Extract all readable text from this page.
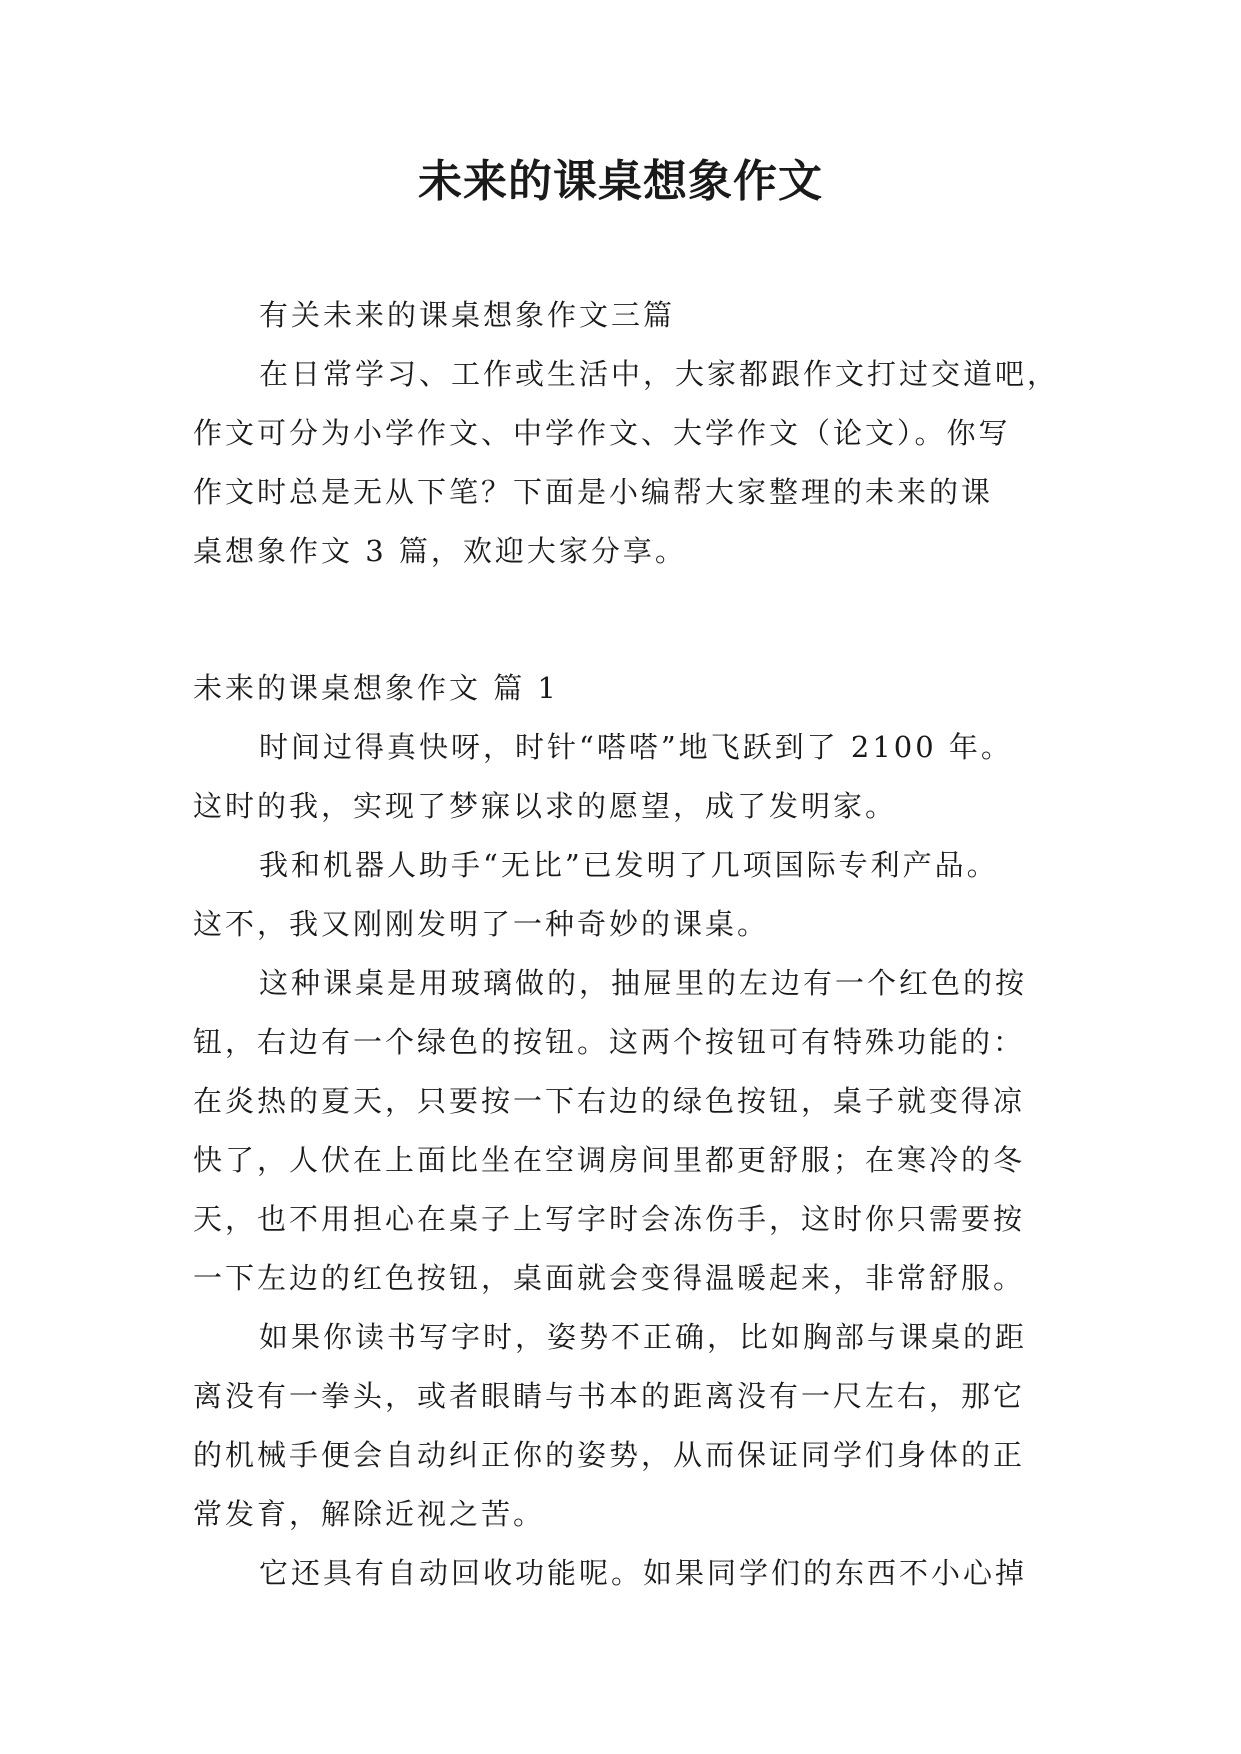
未来的课桌想象作文
有关未来的课桌想象作文三篇
在日常学习、工作或生活中，大家都跟作文打过交道吧，
作文可分为小学作文、中学作文、大学作文（论文）。你写
作文时总是无从下笔？下面是小编帮大家整理的未来的课
桌想象作文 3 篇，欢迎大家分享。
未来的课桌想象作文 篇 1
时间过得真快呀，时针“嗒嗒”地飞跃到了 2100 年。
这时的我，实现了梦寐以求的愿望，成了发明家。
我和机器人助手“无比”已发明了几项国际专利产品。
这不，我又刚刚发明了一种奇妙的课桌。
这种课桌是用玻璃做的，抽屉里的左边有一个红色的按
钮，右边有一个绿色的按钮。这两个按钮可有特殊功能的：
在炎热的夏天，只要按一下右边的绿色按钮，桌子就变得凉
快了，人伏在上面比坐在空调房间里都更舒服；在寒冷的冬
天，也不用担心在桌子上写字时会冻伤手，这时你只需要按
一下左边的红色按钮，桌面就会变得温暖起来，非常舒服。
如果你读书写字时，姿势不正确，比如胸部与课桌的距
离没有一拳头，或者眼睛与书本的距离没有一尺左右，那它
的机械手便会自动纠正你的姿势，从而保证同学们身体的正
常发育，解除近视之苦。
它还具有自动回收功能呢。如果同学们的东西不小心掉
